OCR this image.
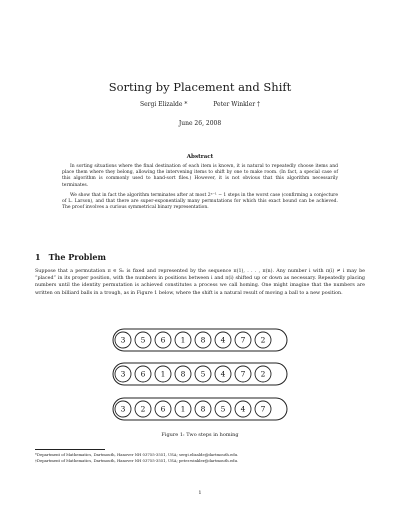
Sorting by Placement and Shift
Sergi Elizalde *	Peter Winkler †
June 26, 2008
Abstract

In sorting situations where the final destination of each item is known, it is natural to repeatedly choose items and place them where they belong, allowing the intervening items to shift by one to make room. (In fact, a special case of this algorithm is commonly used to hand-sort files.) However, it is not obvious that this algorithm necessarily terminates.

We show that in fact the algorithm terminates after at most 2ⁿ⁻¹ − 1 steps in the worst case (confirming a conjecture of L. Larson), and that there are super-exponentially many permutations for which this exact bound can be achieved. The proof involves a curious symmetrical binary representation.

1 The Problem

Suppose that a permutation π ∈ Sₙ is fixed and represented by the sequence π(1), . . . , π(n). Any number i with π(i) ≠ i may be “placed” in its proper position, with the numbers in positions between i and π(i) shifted up or down as necessary. Repeatedly placing numbers until the identity permutation is achieved constitutes a process we call homing. One might imagine that the numbers are written on billiard balls in a trough, as in Figure 1 below, where the shift is a natural result of moving a ball to a new position.

3 5 6 1 8 4 7 2
3 6 1 8 5 4 7 2
3 2 6 1 8 5 4 7
Figure 1: Two steps in homing
*Department of Mathematics, Dartmouth, Hanover NH 03755-3551, USA; sergi.elizalde@dartmouth.edu.
†Department of Mathematics, Dartmouth, Hanover NH 03755-3551, USA; peter.winkler@dartmouth.edu.
1
